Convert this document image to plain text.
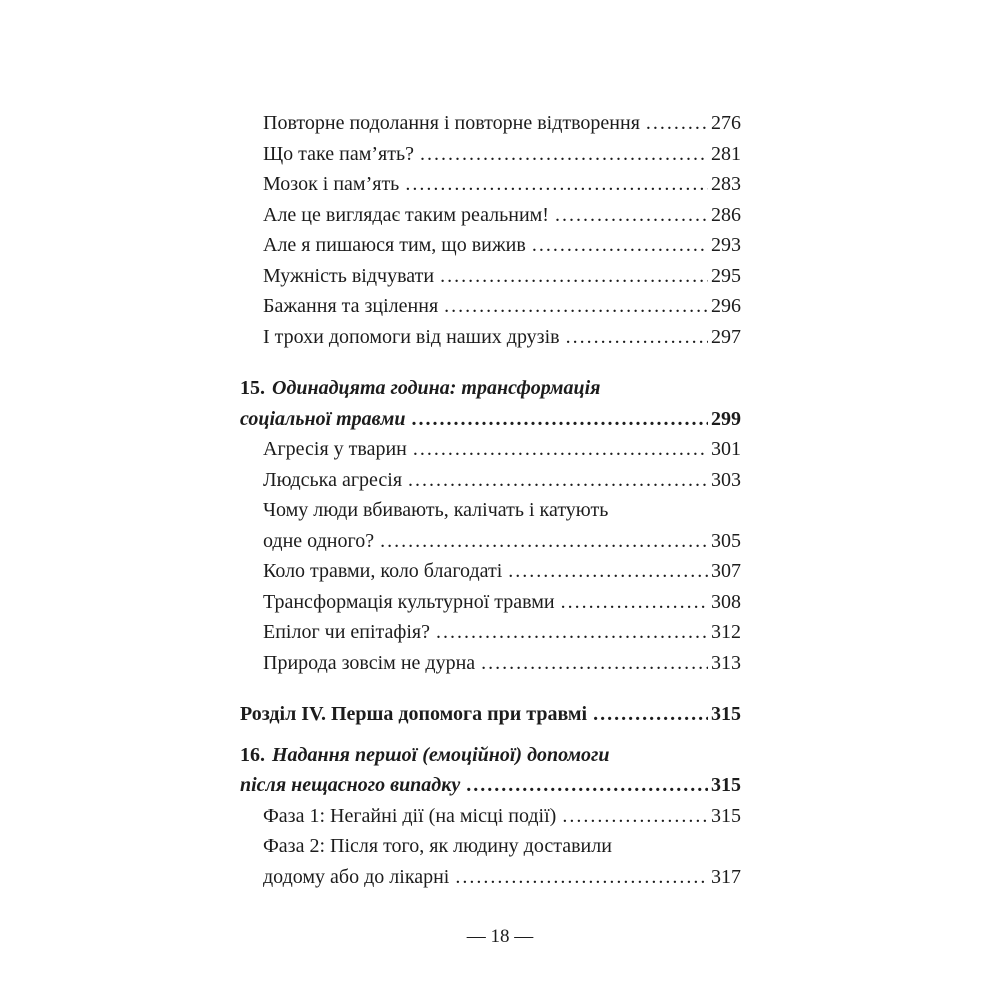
Повторне подолання і повторне відтворення .....	276
Що таке пам’ять? .....	281
Мозок і пам’ять .....	283
Але це виглядає таким реальним! .....	286
Але я пишаюся тим, що вижив .....	293
Мужність відчувати .....	295
Бажання та зцілення .....	296
І трохи допомоги від наших друзів .....	297
15. Одинадцята година: трансформація
соціальної травми .....	299
Агресія у тварин .....	301
Людська агресія .....	303
Чому люди вбивають, калічать і катують
одне одного? .....	305
Коло травми, коло благодаті .....	307
Трансформація культурної травми .....	308
Епілог чи епітафія? .....	312
Природа зовсім не дурна .....	313
Розділ IV. Перша допомога при травмі .....	315
16. Надання першої (емоційної) допомоги
після нещасного випадку .....	315
Фаза 1: Негайні дії (на місці події) .....	315
Фаза 2: Після того, як людину доставили
додому або до лікарні .....	317
— 18 —
